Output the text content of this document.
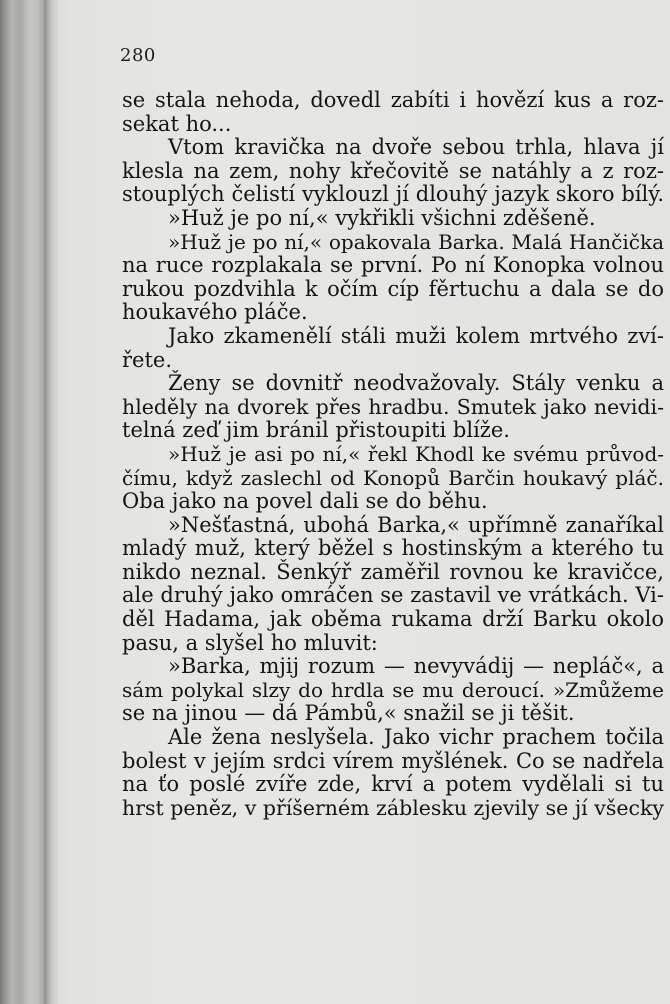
280
se stala nehoda, dovedl zabíti i hovězí kus a roz-
sekat ho...
Vtom kravička na dvoře sebou trhla, hlava jí
klesla na zem, nohy křečovitě se natáhly a z roz-
stouplých čelistí vyklouzl jí dlouhý jazyk skoro bílý.
»Huž je po ní,« vykřikli všichni zděšeně.
»Huž je po ní,« opakovala Barka. Malá Hančička
na ruce rozplakala se první. Po ní Konopka volnou
rukou pozdvihla k očím cíp fěrtuchu a dala se do
houkavého pláče.
Jako zkamenělí stáli muži kolem mrtvého zví-
řete.
Ženy se dovnitř neodvažovaly. Stály venku a
hleděly na dvorek přes hradbu. Smutek jako nevidi-
telná zeď jim bránil přistoupiti blíže.
»Huž je asi po ní,« řekl Khodl ke svému průvod-
čímu, když zaslechl od Konopů Barčin houkavý pláč.
Oba jako na povel dali se do běhu.
»Nešťastná, ubohá Barka,« upřímně zanaříkal
mladý muž, který běžel s hostinským a kterého tu
nikdo neznal. Šenkýř zaměřil rovnou ke kravičce,
ale druhý jako omráčen se zastavil ve vrátkách. Vi-
děl Hadama, jak oběma rukama drží Barku okolo
pasu, a slyšel ho mluvit:
»Barka, mjij rozum — nevyvádij — nepláč«, a
sám polykal slzy do hrdla se mu deroucí. »Zmůžeme
se na jinou — dá Pámbů,« snažil se ji těšit.
Ale žena neslyšela. Jako vichr prachem točila
bolest v jejím srdci vírem myšlének. Co se nadřela
na ťo poslé zvíře zde, krví a potem vydělali si tu
hrst peněz, v příšerném záblesku zjevily se jí všecky
